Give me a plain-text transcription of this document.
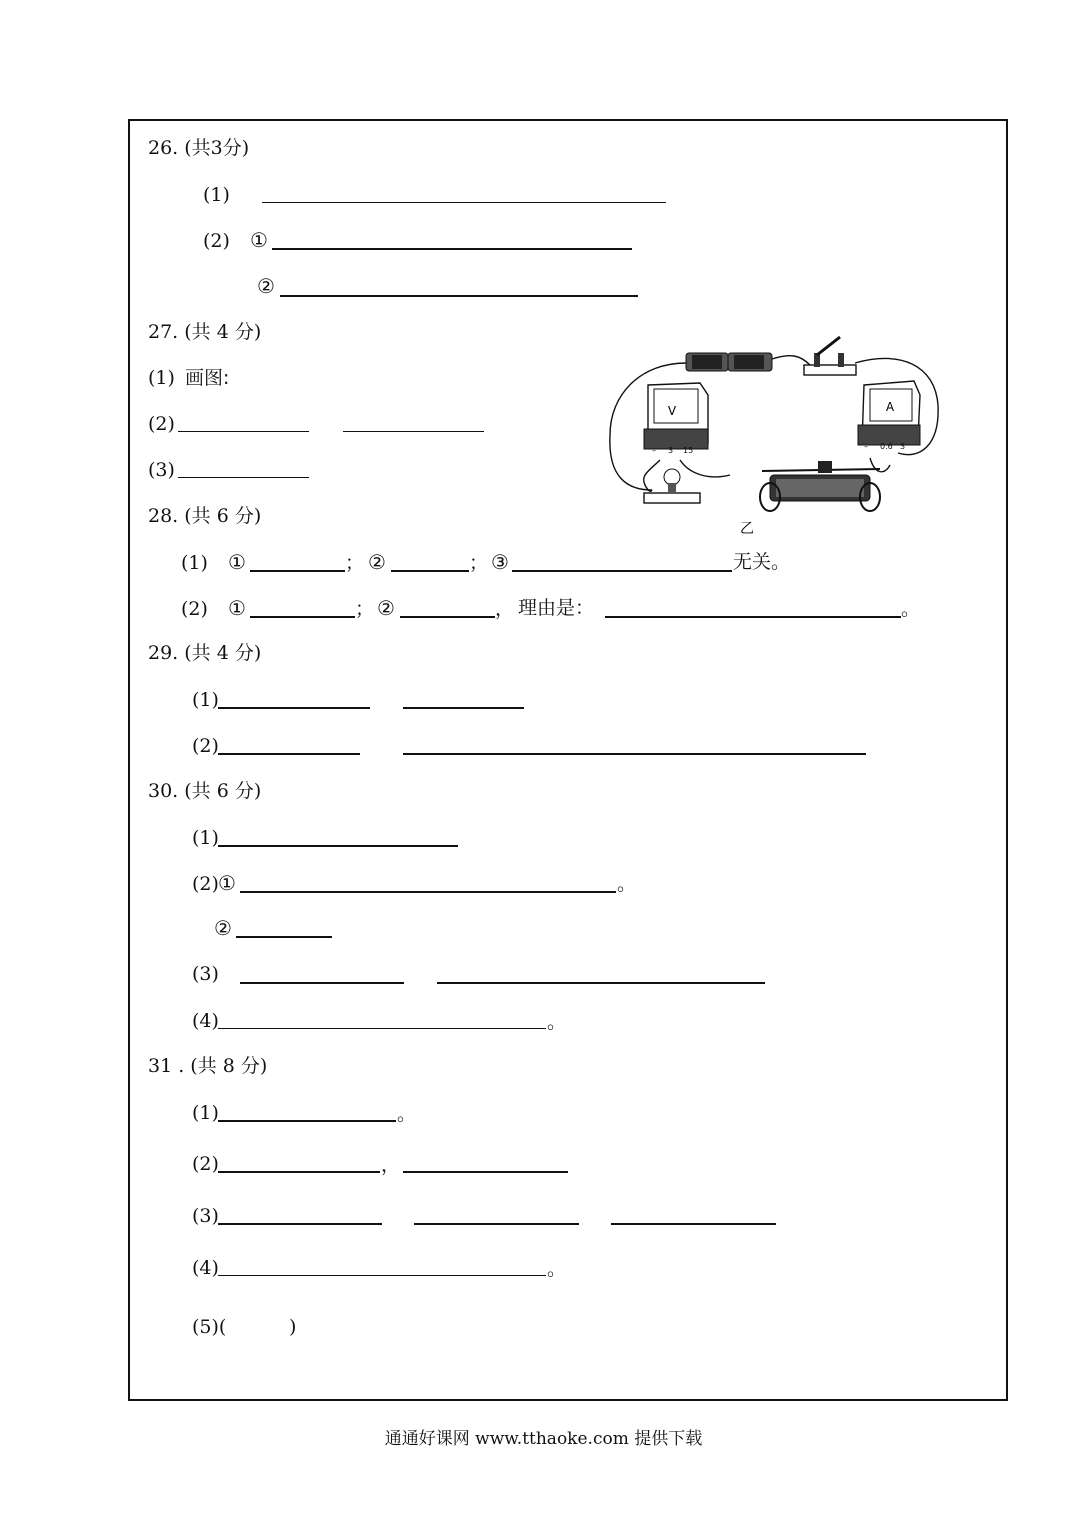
26. (共3分)
(1)
(2) ①
②
27. (共 4 分)
(1) 画图:
(2)
(3)
V
– 3 15
A
– 0.6 3
乙
28. (共 6 分)
(1) ①	； ②	； ③	无关。
(2) ①	； ②	， 理由是：	。
29. (共 4 分)
(1)
(2)
30. (共 6 分)
(1)
(2) ①	。
②
(3)
(4)	。
31 . (共 8 分)
(1)	。
(2)	，
(3)
(4)	。
(5)(	)
通通好课网 www.tthaoke.com 提供下载
